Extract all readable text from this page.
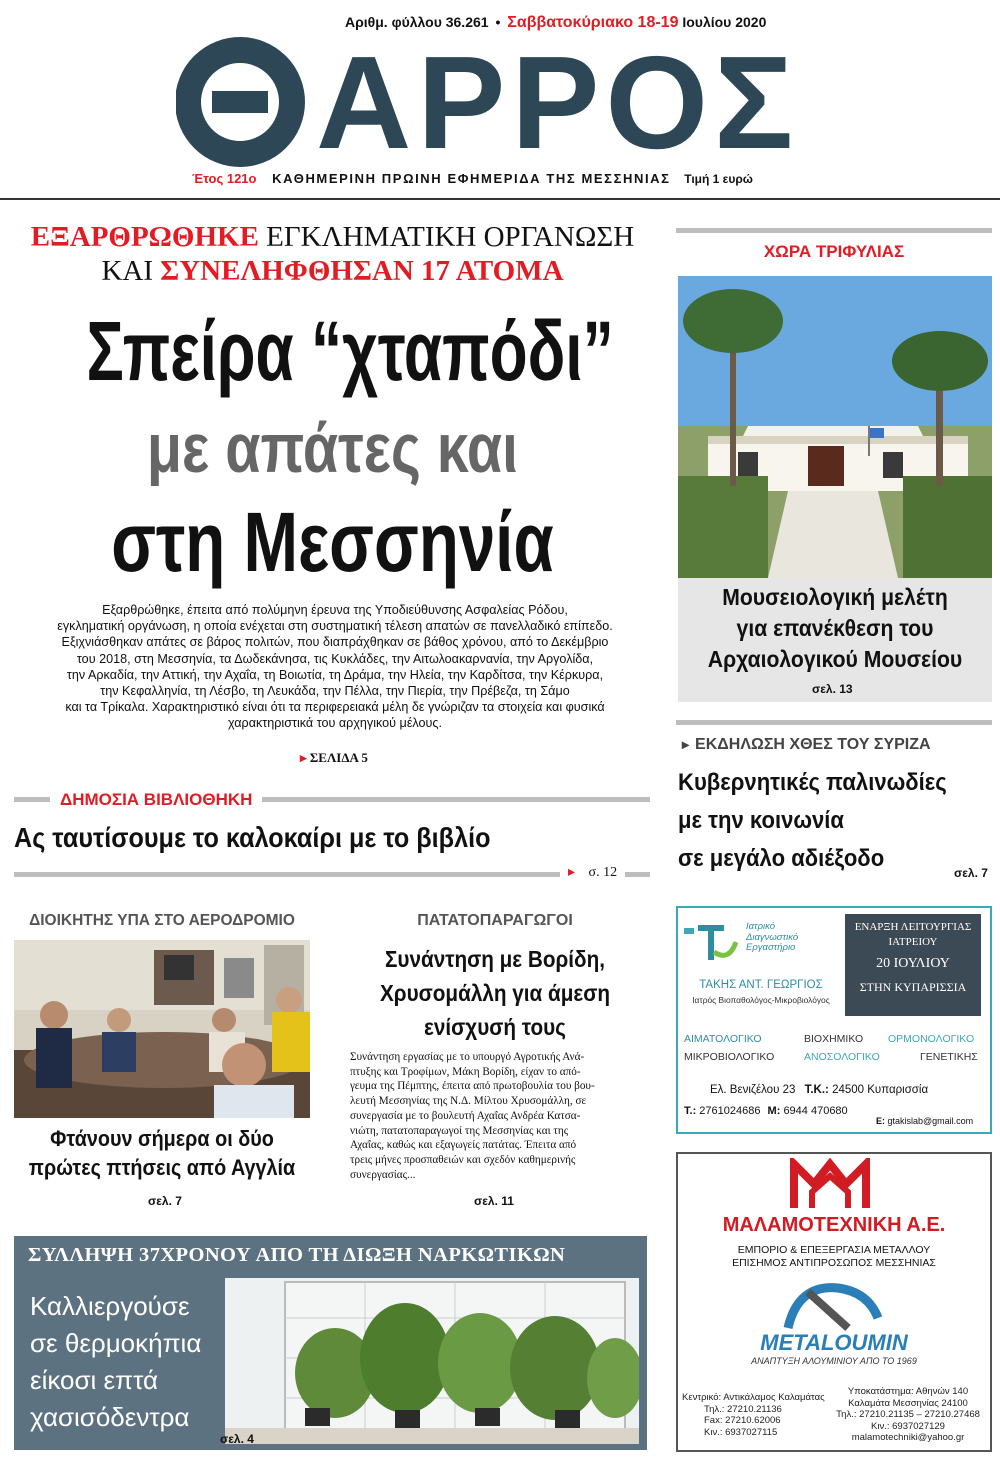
Αριθμ. φύλλου 36.261 • Σαββατοκύριακο 18-19 Ιουλίου 2020
ΑΡΡΟΣ
Έτος 121ο ΚΑΘΗΜΕΡΙΝΗ ΠΡΩΙΝΗ ΕΦΗΜΕΡΙΔΑ ΤΗΣ ΜΕΣΣΗΝΙΑΣ Τιμή 1 ευρώ
ΕΞΑΡΘΡΩΘΗΚΕ ΕΓΚΛΗΜΑΤΙΚΗ ΟΡΓΑΝΩΣΗ
ΚΑΙ ΣΥΝΕΛΗΦΘΗΣΑΝ 17 ΑΤΟΜΑ
Σπείρα “χταπόδι”
με απάτες και
στη Μεσσηνία
Εξαρθρώθηκε, έπειτα από πολύμηνη έρευνα της Υποδιεύθυνσης Ασφαλείας Ρόδου,
εγκληματική οργάνωση, η οποία ενέχεται στη συστηματική τέλεση απατών σε πανελλαδικό επίπεδο.
Εξιχνιάσθηκαν απάτες σε βάρος πολιτών, που διαπράχθηκαν σε βάθος χρόνου, από το Δεκέμβριο
του 2018, στη Μεσσηνία, τα Δωδεκάνησα, τις Κυκλάδες, την Αιτωλοακαρνανία, την Αργολίδα,
την Αρκαδία, την Αττική, την Αχαΐα, τη Βοιωτία, τη Δράμα, την Ηλεία, την Καρδίτσα, την Κέρκυρα,
την Κεφαλληνία, τη Λέσβο, τη Λευκάδα, την Πέλλα, την Πιερία, την Πρέβεζα, τη Σάμο
και τα Τρίκαλα. Χαρακτηριστικό είναι ότι τα περιφερειακά μέλη δε γνώριζαν τα στοιχεία και φυσικά
χαρακτηριστικά του αρχηγικού μέλους.
▸ ΣΕΛΙΔΑ 5
ΔΗΜΟΣΙΑ ΒΙΒΛΙΟΘΗΚΗ
Ας ταυτίσουμε το καλοκαίρι με το βιβλίο
▸ σ. 12
ΔΙΟΙΚΗΤΗΣ ΥΠΑ ΣΤΟ ΑΕΡΟΔΡΟΜΙΟ
Φτάνουν σήμερα οι δύο
πρώτες πτήσεις από Αγγλία
σελ. 7
ΠΑΤΑΤΟΠΑΡΑΓΩΓΟΙ
Συνάντηση με Βορίδη,
Χρυσομάλλη για άμεση
ενίσχυσή τους
Συνάντηση εργασίας με το υπουργό Αγροτικής Ανά-
πτυξης και Τροφίμων, Μάκη Βορίδη, είχαν το από-
γευμα της Πέμπτης, έπειτα από πρωτοβουλία του βου-
λευτή Μεσσηνίας της Ν.Δ. Μίλτου Χρυσομάλλη, σε
συνεργασία με το βουλευτή Αχαΐας Ανδρέα Κατσα-
νιώτη, πατατοπαραγωγοί της Μεσσηνίας και της
Αχαΐας, καθώς και εξαγωγείς πατάτας. Έπειτα από
τρεις μήνες προσπαθειών και σχεδόν καθημερινής
συνεργασίας...
σελ. 11
ΣΥΛΛΗΨΗ 37ΧΡΟΝΟΥ ΑΠΟ ΤΗ ΔΙΩΞΗ ΝΑΡΚΩΤΙΚΩΝ
Καλλιεργούσε
σε θερμοκήπια
είκοσι επτά
χασισόδεντρα
σελ. 4
ΧΩΡΑ ΤΡΙΦΥΛΙΑΣ
Μουσειολογική μελέτη
για επανέκθεση του
Αρχαιολογικού Μουσείου
σελ. 13
▸ ΕΚΔΗΛΩΣΗ ΧΘΕΣ ΤΟΥ ΣΥΡΙΖΑ
Κυβερνητικές παλινωδίες
με την κοινωνία
σε μεγάλο αδιέξοδο
σελ. 7
Ιατρικό
Διαγνωστικό
Εργαστήριο
ΤΑΚΗΣ ΑΝΤ. ΓΕΩΡΓΙΟΣ
Ιατρός Βιοπαθολόγος-Μικροβιολόγος
ΕΝΑΡΞΗ ΛΕΙΤΟΥΡΓΙΑΣ
ΙΑΤΡΕΙΟΥ
20 ΙΟΥΛΙΟΥ
ΣΤΗΝ ΚΥΠΑΡΙΣΣΙΑ
ΑΙΜΑΤΟΛΟΓΙΚΟ	ΒΙΟΧΗΜΙΚΟ ΟΡΜΟΝΟΛΟΓΙΚΟ
ΜΙΚΡΟΒΙΟΛΟΓΙΚΟ	ΑΝΟΣΟΛΟΓΙΚΟ	ΓΕΝΕΤΙΚΗΣ
Ελ. Βενιζέλου 23 Τ.Κ.: 24500 Κυπαρισσία
Τ.: 2761024686 Μ: 6944 470680
E: gtakislab@gmail.com
ΜΑΛΑΜΟΤΕΧΝΙΚΗ Α.Ε.
ΕΜΠΟΡΙΟ & ΕΠΕΞΕΡΓΑΣΙΑ ΜΕΤΑΛΛΟΥ
ΕΠΙΣΗΜΟΣ ΑΝΤΙΠΡΟΣΩΠΟΣ ΜΕΣΣΗΝΙΑΣ
METALOUMIN
ΑΝΑΠΤΥΞΗ ΑΛΟΥΜΙΝΙΟΥ ΑΠΟ ΤΟ 1969
Κεντρικό: Αντικάλαμος Καλαμάτας
Τηλ.: 27210.21136
Fax: 27210.62006
Κιν.: 6937027115
Υποκατάστημα: Αθηνών 140
Καλαμάτα Μεσσηνίας 24100
Τηλ.: 27210.21135 – 27210.27468
Κιν.: 6937027129
malamotechniki@yahoo.gr
